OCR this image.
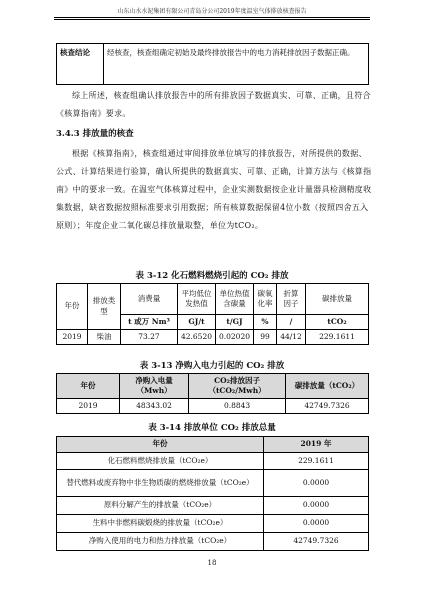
山东山水水泥集团有限公司青岛分公司2019年度温室气体排放核查报告
核查结论	经核查，核查组确定初始及最终排放报告中的电力消耗排放因子数据正确。

综上所述，核查组确认排放报告中的所有排放因子数据真实、可靠、正确，且符合《核算指南》要求。

3.4.3 排放量的核查

根据《核算指南》，核查组通过审阅排放单位填写的排放报告，对所提供的数据、公式、计算结果进行验算，确认所提供的数据真实、可靠、正确，计算方法与《核算指南》中的要求一致。在温室气体核算过程中，企业实测数据按企业计量器具检测精度收集数据，缺省数据按照标准要求引用数据；所有核算数据保留4位小数（按照四舍五入原则）；年度企业二氧化碳总排放量取整，单位为tCO₂。

表 3-12 化石燃料燃烧引起的 CO₂ 排放
年份	排放类型	消费量	平均低位发热值	单位热值含碳量	碳氧化率	折算因子	碳排放量
		t 或万 Nm³	GJ/t	t/GJ	%	/	tCO₂
2019	柴油	73.27	42.6520	0.02020	99	44/12	229.1611
表 3-13 净购入电力引起的 CO₂ 排放
年份	净购入电量（Mwh）	CO₂排放因子（tCO₂/Mwh）	碳排放量（tCO₂）
2019	48343.02	0.8843	42749.7326
表 3-14 排放单位 CO₂ 排放总量
年份	2019 年
化石燃料燃烧排放量（tCO₂e）	229.1611
替代燃料或废弃物中非生物质碳的燃烧排放量（tCO₂e）	0.0000
原料分解产生的排放量（tCO₂e）	0.0000
生料中非燃料碳煅烧的排放量（tCO₂e）	0.0000
净购入使用的电力和热力排放量（tCO₂e）	42749.7326
18
